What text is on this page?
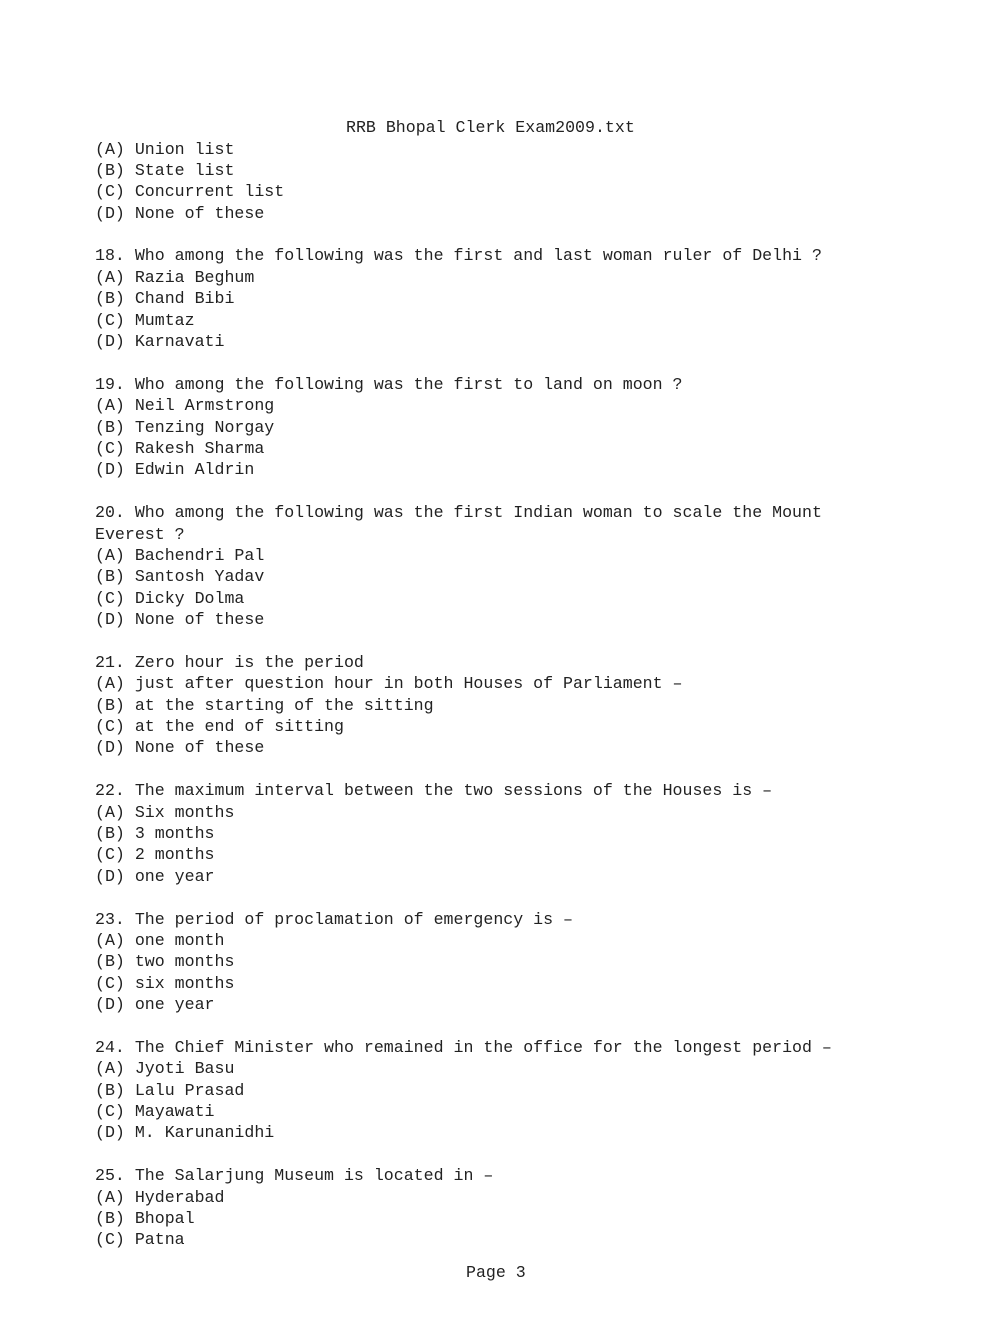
RRB Bhopal Clerk Exam2009.txt
(A) Union list
(B) State list
(C) Concurrent list
(D) None of these
18. Who among the following was the first and last woman ruler of Delhi ?
(A) Razia Beghum
(B) Chand Bibi
(C) Mumtaz
(D) Karnavati
19. Who among the following was the first to land on moon ?
(A) Neil Armstrong
(B) Tenzing Norgay
(C) Rakesh Sharma
(D) Edwin Aldrin
20. Who among the following was the first Indian woman to scale the Mount
Everest ?
(A) Bachendri Pal
(B) Santosh Yadav
(C) Dicky Dolma
(D) None of these
21. Zero hour is the period
(A) just after question hour in both Houses of Parliament –
(B) at the starting of the sitting
(C) at the end of sitting
(D) None of these
22. The maximum interval between the two sessions of the Houses is –
(A) Six months
(B) 3 months
(C) 2 months
(D) one year
23. The period of proclamation of emergency is –
(A) one month
(B) two months
(C) six months
(D) one year
24. The Chief Minister who remained in the office for the longest period –
(A) Jyoti Basu
(B) Lalu Prasad
(C) Mayawati
(D) M. Karunanidhi
25. The Salarjung Museum is located in –
(A) Hyderabad
(B) Bhopal
(C) Patna
Page 3
